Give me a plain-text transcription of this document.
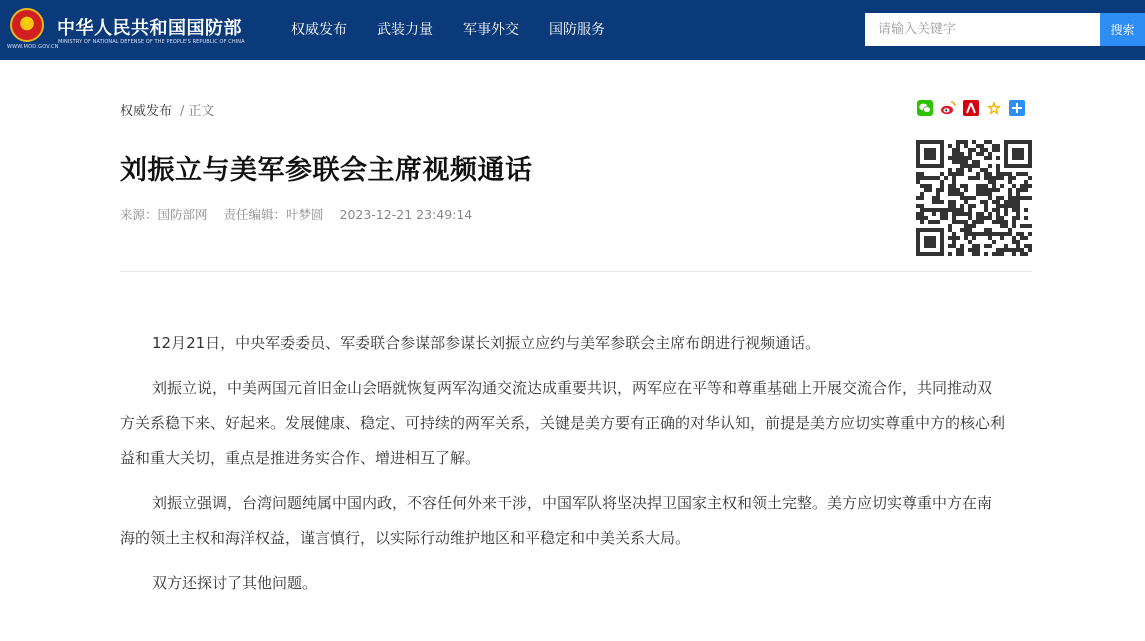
★
WWW.MOD.GOV.CN
中华人民共和国国防部
MINISTRY OF NATIONAL DEFENSE OF THE PEOPLE'S REPUBLIC OF CHINA
权威发布 武装力量 军事外交 国防服务
请输入关键字	搜索
权威发布 / 正文
刘振立与美军参联会主席视频通话
来源：国防部网 责任编辑：叶梦圆 2023-12-21 23:49:14

12月21日，中央军委委员、军委联合参谋部参谋长刘振立应约与美军参联会主席布朗进行视频通话。

刘振立说，中美两国元首旧金山会晤就恢复两军沟通交流达成重要共识，两军应在平等和尊重基础上开展交流合作，共同推动双方关系稳下来、好起来。发展健康、稳定、可持续的两军关系，关键是美方要有正确的对华认知，前提是美方应切实尊重中方的核心利益和重大关切，重点是推进务实合作、增进相互了解。

刘振立强调，台湾问题纯属中国内政，不容任何外来干涉，中国军队将坚决捍卫国家主权和领土完整。美方应切实尊重中方在南海的领土主权和海洋权益，谨言慎行，以实际行动维护地区和平稳定和中美关系大局。

双方还探讨了其他问题。
